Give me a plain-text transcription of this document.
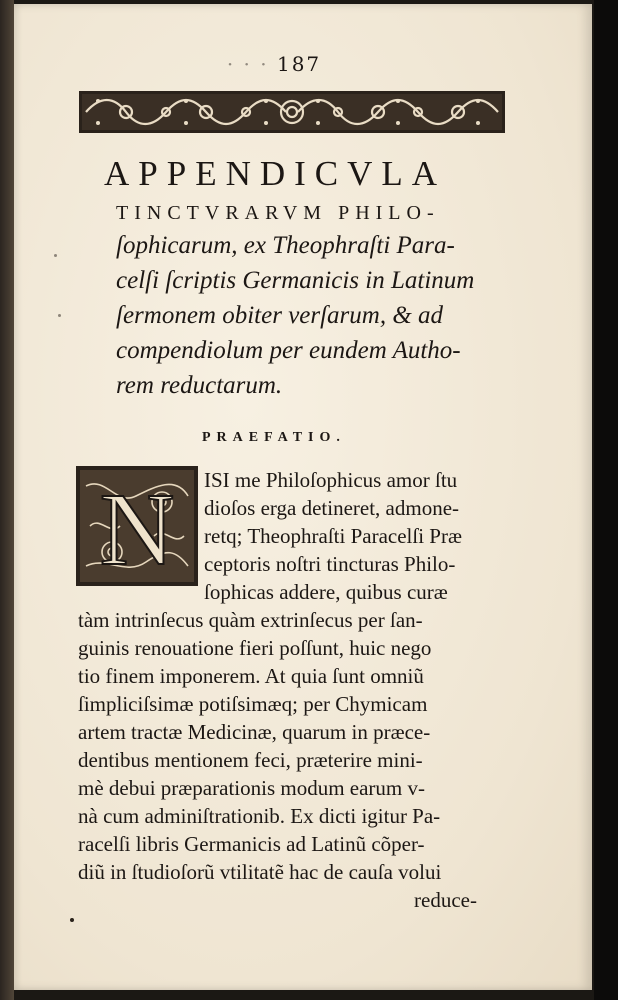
· · · 187
APPENDICVLA
TINCTVRARVM PHILO-
ſophicarum, ex Theophraſti Para-
celſi ſcriptis Germanicis in Latinum
ſermonem obiter verſarum, & ad
compendiolum per eundem Autho-
rem reductarum.
PRAEFATIO.
N ISI me Philoſophicus amor ſtu
dioſos erga detineret, admone-
retq; Theophraſti Paracelſi Præ
ceptoris noſtri tincturas Philo-
ſophicas addere, quibus curæ
tàm intrinſecus quàm extrinſecus per ſan-
guinis renouatione fieri poſſunt, huic nego
tio finem imponerem. At quia ſunt omniũ
ſimpliciſsimæ potiſsimæq; per Chymicam
artem tractæ Medicinæ, quarum in præce-
dentibus mentionem feci, præterire mini-
mè debui præparationis modum earum v-
nà cum adminiſtrationib. Ex dicti igitur Pa-
racelſi libris Germanicis ad Latinũ cõper-
diũ in ſtudioſorũ vtilitatẽ hac de cauſa volui
reduce-
